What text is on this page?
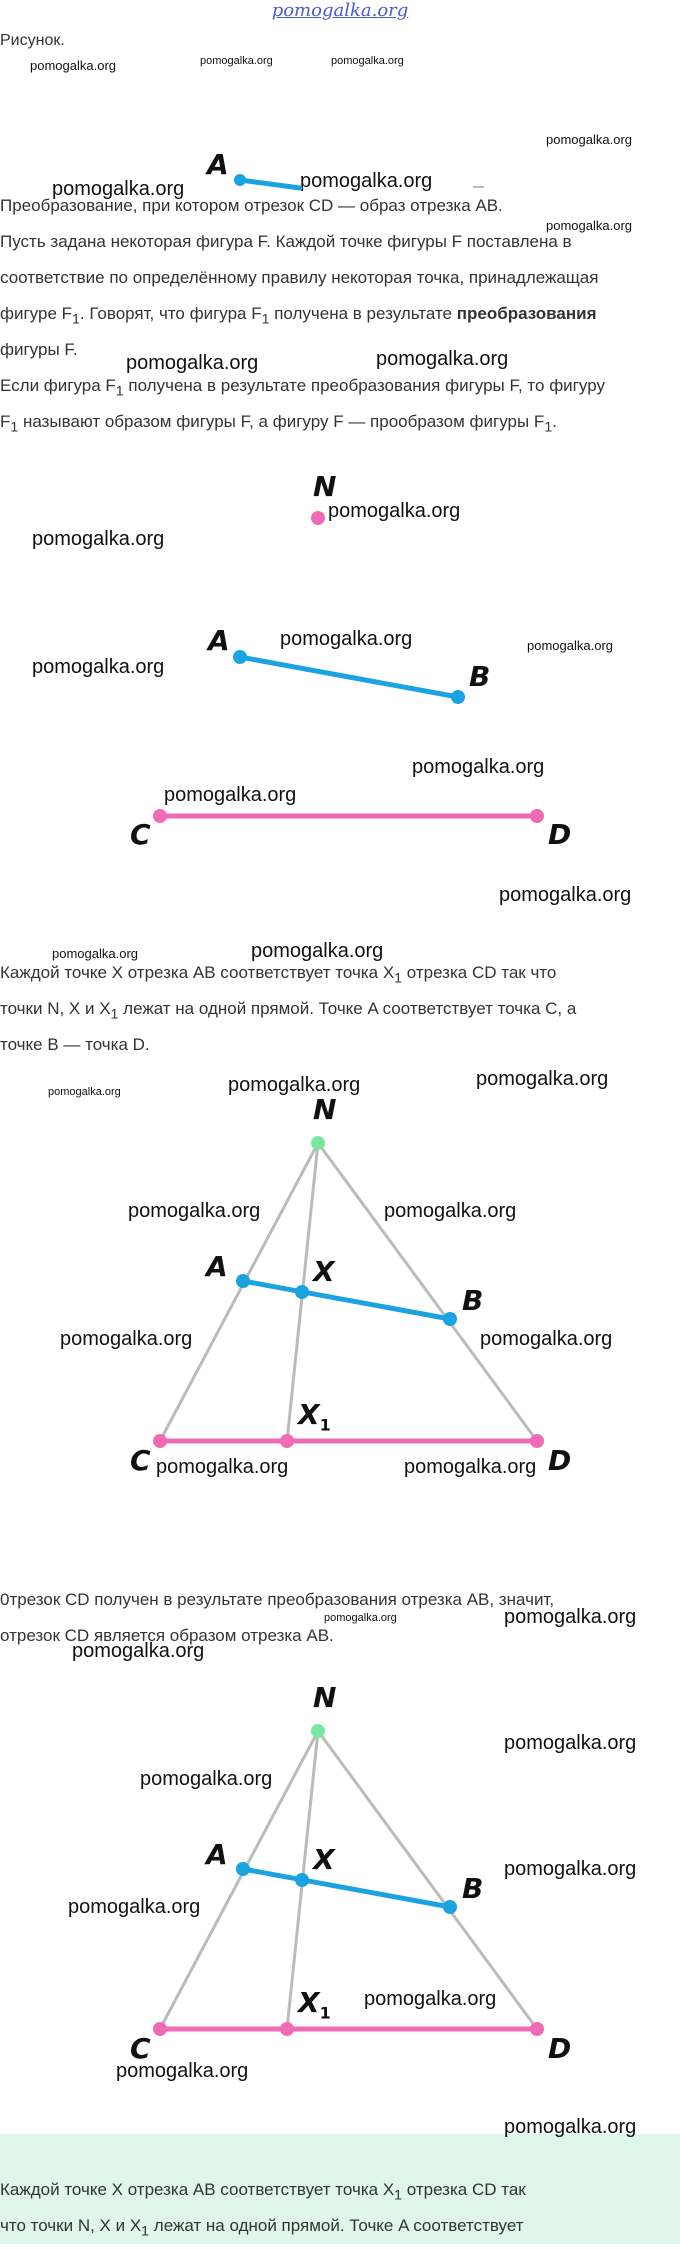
pomogalka.org
Рисунок.
pomogalka.org	pomogalka.org	pomogalka.org
pomogalka.org
pomogalka.org	pomogalka.org
pomogalka.org
A
Преобразование, при котором отрезок CD — образ отрезка AB.
Пусть задана некоторая фигура F. Каждой точке фигуры F поставлена в
соответствие по определённому правилу некоторая точка, принадлежащая
фигуре $F_1$. Говорят, что фигура $F_1$ получена в результате преобразования
фигуры F.
pomogalka.org	pomogalka.org
Если фигура $F_1$ получена в результате преобразования фигуры F, то фигуру
$F_1$ называют образом фигуры F, а фигуру F — прообразом фигуры $F_1$.
N
A
B
C	D
pomogalka.org
pomogalka.org
pomogalka.org	pomogalka.org
pomogalka.org
pomogalka.org
pomogalka.org
pomogalka.org
pomogalka.org	pomogalka.org
Каждой точке X отрезка AB соответствует точка $X_1$ отрезка CD так что
точки N, X и $X_1$ лежат на одной прямой. Точке A соответствует точка C, а
точке B — точка D.
pomogalka.org	pomogalka.org	pomogalka.org
N
A	X
B
$X_1$
C	D
pomogalka.org	pomogalka.org
pomogalka.org	pomogalka.org
pomogalka.org	pomogalka.org
0трезок CD получен в результате преобразования отрезка AB, значит,
отрезок CD является образом отрезка AB.
pomogalka.org	pomogalka.org
pomogalka.org
N
A	X
B
$X_1$
C	D
pomogalka.org
pomogalka.org
pomogalka.org
pomogalka.org
pomogalka.org
pomogalka.org
pomogalka.org
Каждой точке X отрезка AB соответствует точка $X_1$ отрезка CD так
что точки N, X и $X_1$ лежат на одной прямой. Точке A соответствует
